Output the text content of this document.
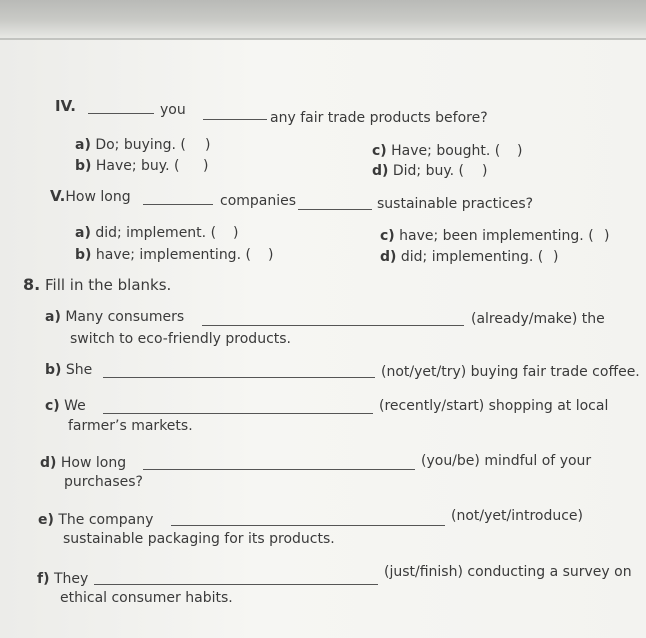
IV.	you	any fair trade products before?
a) Do; buying. ( )
b) Have; buy. ( )
c) Have; bought. ( )
d) Did; buy. ( )
V.How long	companies	sustainable practices?
a) did; implement. ( )
b) have; implementing. ( )
c) have; been implementing. ( )
d) did; implementing. ( )
8. Fill in the blanks.
a) Many consumers	(already/make) the
switch to eco-friendly products.
b) She	(not/yet/try) buying fair trade coffee.
c) We	(recently/start) shopping at local
farmer’s markets.
d) How long	(you/be) mindful of your
purchases?
e) The company	(not/yet/introduce)
sustainable packaging for its products.
f) They	(just/finish) conducting a survey on
ethical consumer habits.
